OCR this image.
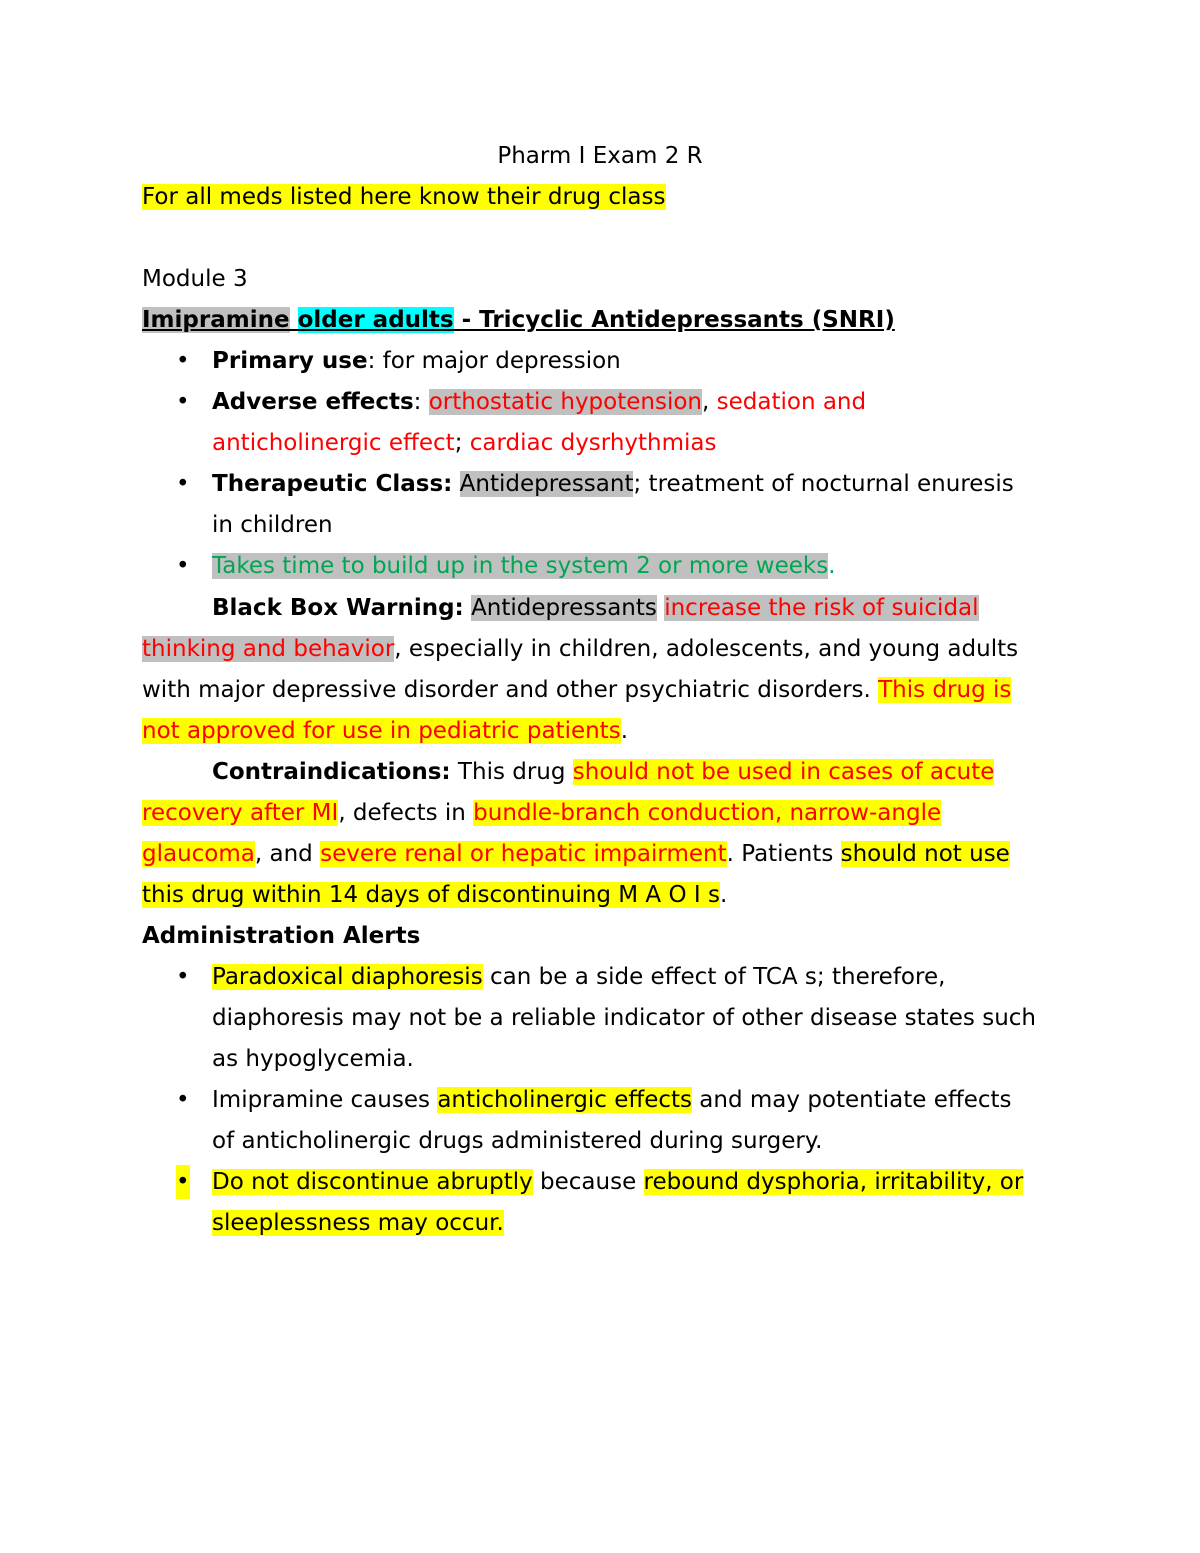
Pharm I Exam 2 R
For all meds listed here know their drug class
Module 3
Imipramine older adults - Tricyclic Antidepressants (SNRI)
• Primary use: for major depression
• Adverse effects: orthostatic hypotension, sedation and
anticholinergic effect; cardiac dysrhythmias
• Therapeutic Class: Antidepressant; treatment of nocturnal enuresis
in children
• Takes time to build up in the system 2 or more weeks.
Black Box Warning: Antidepressants increase the risk of suicidal
thinking and behavior, especially in children, adolescents, and young adults
with major depressive disorder and other psychiatric disorders. This drug is
not approved for use in pediatric patients.
Contraindications: This drug should not be used in cases of acute
recovery after MI, defects in bundle-branch conduction, narrow-angle
glaucoma, and severe renal or hepatic impairment. Patients should not use
this drug within 14 days of discontinuing M A O I s.
Administration Alerts
• Paradoxical diaphoresis can be a side effect of TCA s; therefore,
diaphoresis may not be a reliable indicator of other disease states such
as hypoglycemia.
• Imipramine causes anticholinergic effects and may potentiate effects
of anticholinergic drugs administered during surgery.
• Do not discontinue abruptly because rebound dysphoria, irritability, or
sleeplessness may occur.
